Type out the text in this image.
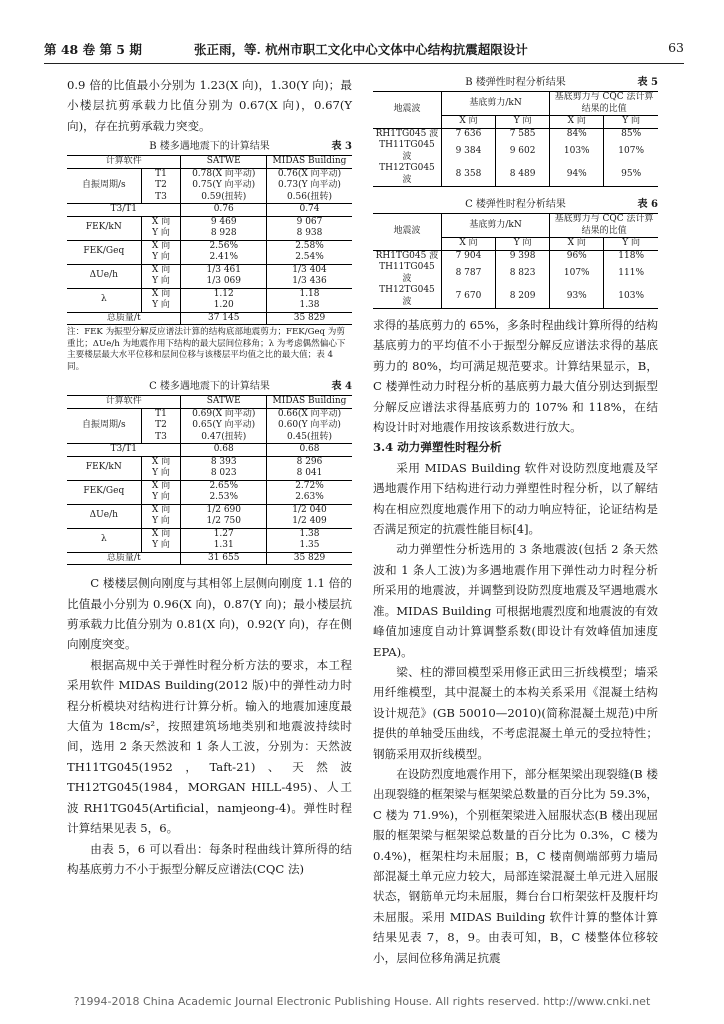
第 48 卷 第 5 期	张正雨，等. 杭州市职工文化中心文体中心结构抗震超限设计	63

0.9 倍的比值最小分别为 1.23(X 向)，1.30(Y 向)；最小楼层抗剪承载力比值分别为 0.67(X 向)，0.67(Y 向)，存在抗剪承载力突变。

B 楼多遇地震下的计算结果	表 3
计算软件		SATWE	MIDAS Building
自振周期/s	T1	0.78(X 向平动)	0.76(X 向平动)
	T2	0.75(Y 向平动)	0.73(Y 向平动)
	T3	0.59(扭转)	0.56(扭转)
T3/T1		0.76	0.74
FEK/kN	X 向	9 469	9 067
	Y 向	8 928	8 938
FEK/Geq	X 向	2.56%	2.58%
	Y 向	2.41%	2.54%
ΔUe/h	X 向	1/3 461	1/3 404
	Y 向	1/3 069	1/3 436
λ	X 向	1.12	1.18
	Y 向	1.20	1.38
总质量/t		37 145	35 829

注：FEK 为振型分解反应谱法计算的结构底部地震剪力；FEK/Geq 为剪重比；ΔUe/h 为地震作用下结构的最大层间位移角；λ 为考虑偶然偏心下主要楼层最大水平位移和层间位移与该楼层平均值之比的最大值；表 4 同。

C 楼多遇地震下的计算结果	表 4
计算软件		SATWE	MIDAS Building
自振周期/s	T1	0.69(X 向平动)	0.66(X 向平动)
	T2	0.65(Y 向平动)	0.60(Y 向平动)
	T3	0.47(扭转)	0.45(扭转)
T3/T1		0.68	0.68
FEK/kN	X 向	8 393	8 296
	Y 向	8 023	8 041
FEK/Geq	X 向	2.65%	2.72%
	Y 向	2.53%	2.63%
ΔUe/h	X 向	1/2 690	1/2 040
	Y 向	1/2 750	1/2 409
λ	X 向	1.27	1.38
	Y 向	1.31	1.35
总质量/t		31 655	35 829

C 楼楼层侧向刚度与其相邻上层侧向刚度 1.1 倍的比值最小分别为 0.96(X 向)，0.87(Y 向)；最小楼层抗剪承载力比值分别为 0.81(X 向)，0.92(Y 向)，存在侧向刚度突变。

根据高规中关于弹性时程分析方法的要求，本工程采用软件 MIDAS Building(2012 版)中的弹性动力时程分析模块对结构进行计算分析。输入的地震加速度最大值为 18cm/s²，按照建筑场地类别和地震波持续时间，选用 2 条天然波和 1 条人工波，分别为：天然波 TH11TG045(1952，Taft-21)、天然波 TH12TG045(1984，MORGAN HILL-495)、人工波 RH1TG045(Artificial，namjeong-4)。弹性时程计算结果见表 5，6。

由表 5，6 可以看出：每条时程曲线计算所得的结构基底剪力不小于振型分解反应谱法(CQC 法)

B 楼弹性时程分析结果	表 5
地震波	基底剪力/kN		基底剪力与 CQC 法计算结果的比值	
	X 向	Y 向	X 向	Y 向
RH1TG045 波	7 636	7 585	84%	85%
TH11TG045 波	9 384	9 602	103%	107%
TH12TG045 波	8 358	8 489	94%	95%
C 楼弹性时程分析结果	表 6
地震波	基底剪力/kN		基底剪力与 CQC 法计算结果的比值	
	X 向	Y 向	X 向	Y 向
RH1TG045 波	7 904	9 398	96%	118%
TH11TG045 波	8 787	8 823	107%	111%
TH12TG045 波	7 670	8 209	93%	103%

求得的基底剪力的 65%，多条时程曲线计算所得的结构基底剪力的平均值不小于振型分解反应谱法求得的基底剪力的 80%，均可满足规范要求。计算结果显示，B，C 楼弹性动力时程分析的基底剪力最大值分别达到振型分解反应谱法求得基底剪力的 107% 和 118%，在结构设计时对地震作用按该系数进行放大。

3.4 动力弹塑性时程分析

采用 MIDAS Building 软件对设防烈度地震及罕遇地震作用下结构进行动力弹塑性时程分析，以了解结构在相应烈度地震作用下的动力响应特征，论证结构是否满足预定的抗震性能目标[4]。

动力弹塑性分析选用的 3 条地震波(包括 2 条天然波和 1 条人工波)为多遇地震作用下弹性动力时程分析所采用的地震波，并调整到设防烈度地震及罕遇地震水准。MIDAS Building 可根据地震烈度和地震波的有效峰值加速度自动计算调整系数(即设计有效峰值加速度 EPA)。

梁、柱的滞回模型采用修正武田三折线模型；墙采用纤维模型，其中混凝土的本构关系采用《混凝土结构设计规范》(GB 50010—2010)(简称混凝土规范)中所提供的单轴受压曲线，不考虑混凝土单元的受拉特性；钢筋采用双折线模型。

在设防烈度地震作用下，部分框架梁出现裂缝(B 楼出现裂缝的框架梁与框架梁总数量的百分比为 59.3%，C 楼为 71.9%)，个别框架梁进入屈服状态(B 楼出现屈服的框架梁与框架梁总数量的百分比为 0.3%，C 楼为 0.4%)，框架柱均未屈服；B，C 楼南侧端部剪力墙局部混凝土单元应力较大，局部连梁混凝土单元进入屈服状态，钢筋单元均未屈服，舞台台口桁架弦杆及腹杆均未屈服。采用 MIDAS Building 软件计算的整体计算结果见表 7，8，9。由表可知，B，C 楼整体位移较小，层间位移角满足抗震

?1994-2018 China Academic Journal Electronic Publishing House. All rights reserved. http://www.cnki.net
